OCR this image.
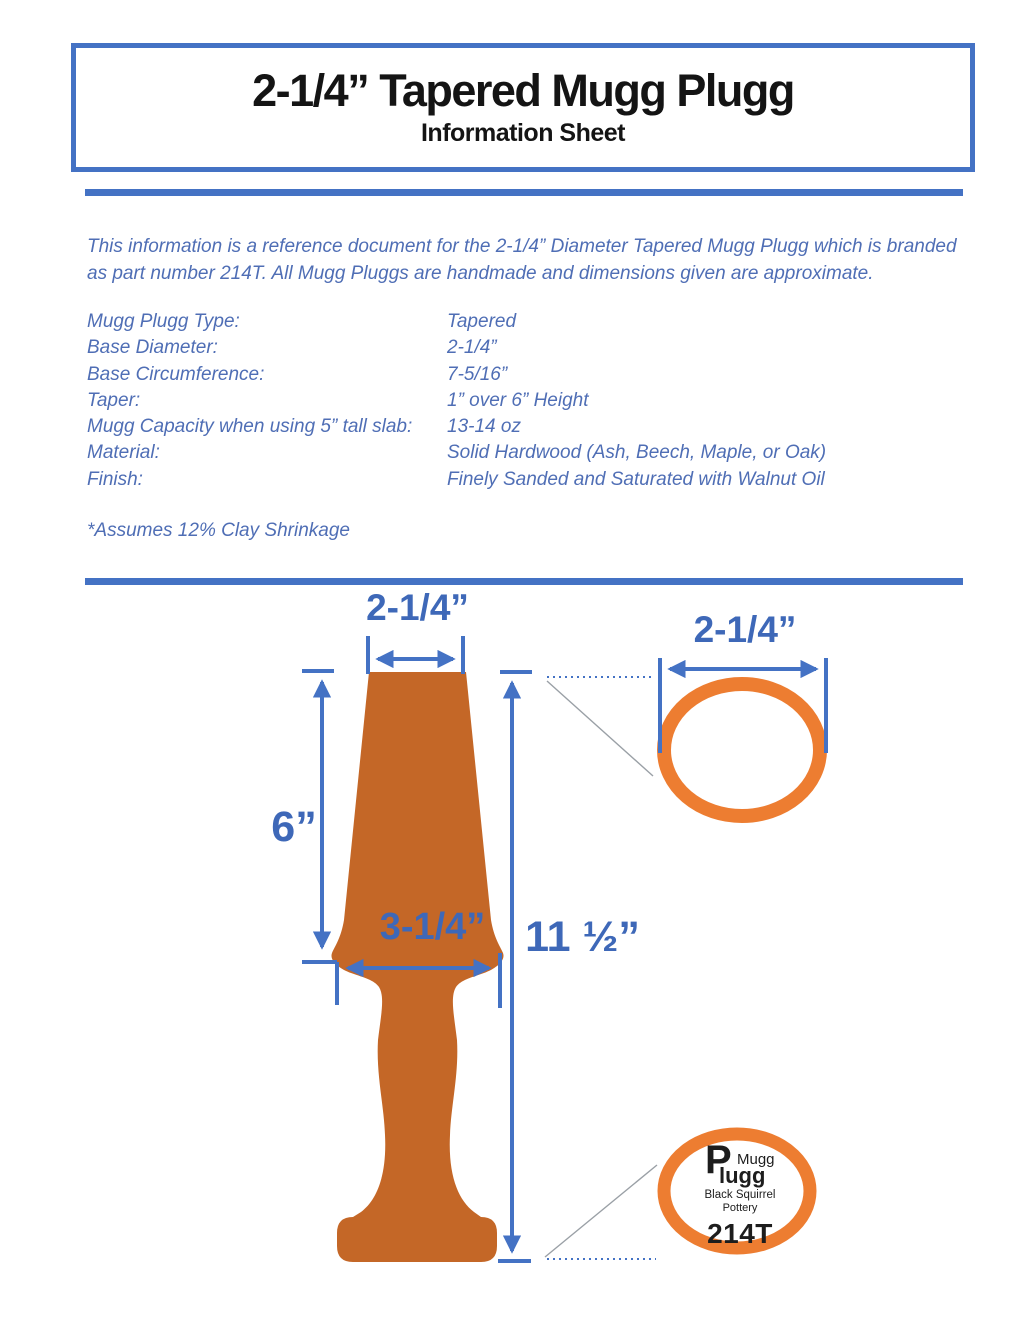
2-1/4” Tapered Mugg Plugg
Information Sheet
This information is a reference document for the 2-1/4” Diameter Tapered Mugg Plugg which is branded as part number 214T. All Mugg Pluggs are handmade and dimensions given are approximate.
Mugg Plugg Type:	Tapered
Base Diameter:	2-1/4”
Base Circumference:	7-5/16”
Taper:	1” over 6” Height
Mugg Capacity when using 5” tall slab:	13-14 oz
Material:	Solid Hardwood (Ash, Beech, Maple, or Oak)
Finish:	Finely Sanded and Saturated with Walnut Oil
*Assumes 12% Clay Shrinkage
2-1/4”
2-1/4”
6”
3-1/4” 11 ½”
P Mugg
lugg
Black Squirrel
Pottery
214T
